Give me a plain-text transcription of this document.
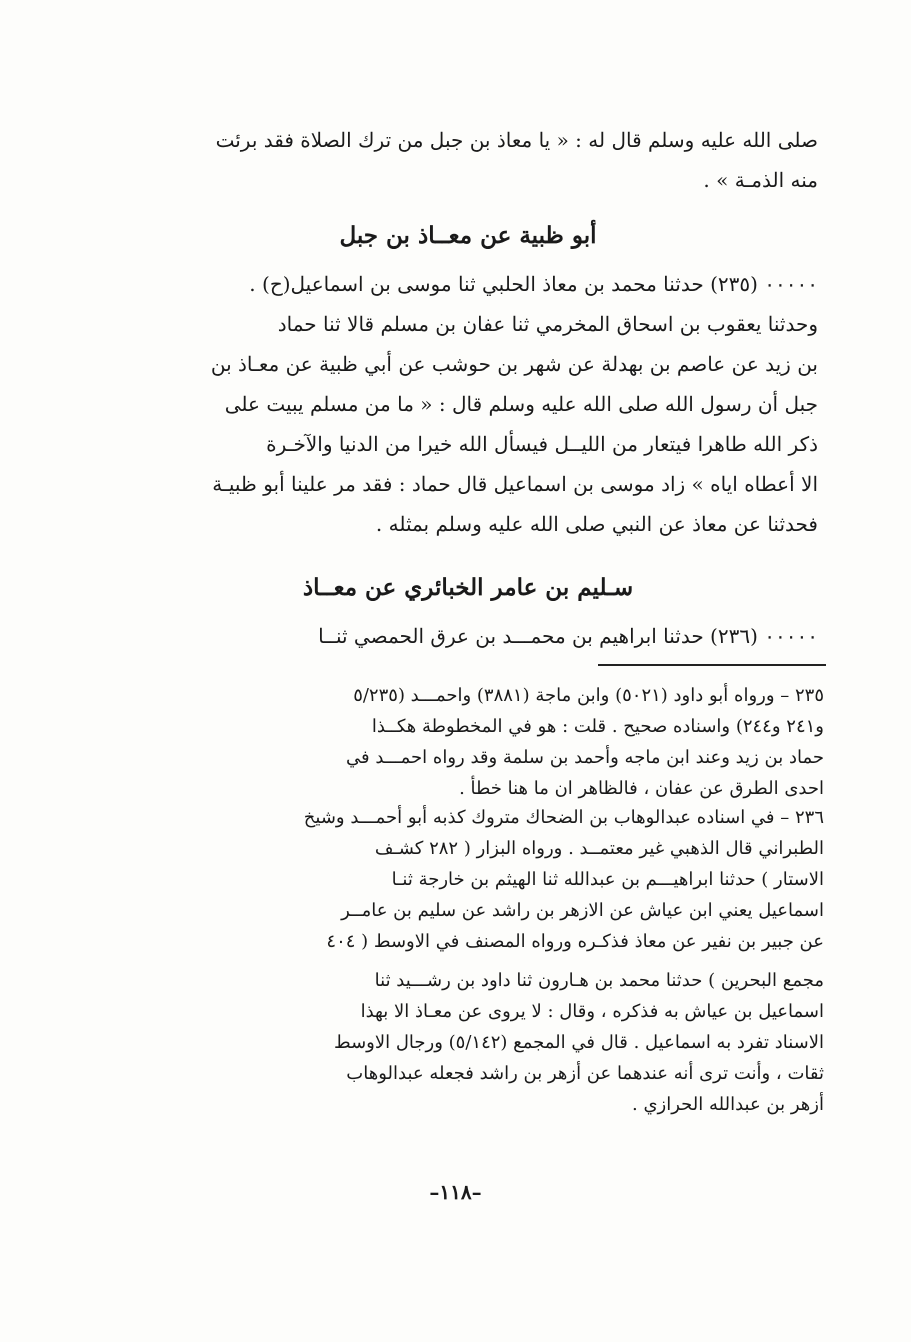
صلى الله عليه وسلم قال له : « يا معاذ بن جبل من ترك الصلاة فقد برئت
منه الذمـة » .
أبو ظبية عن معــاذ بن جبل
٠٠٠٠٠ (٢٣٥) حدثنا محمد بن معاذ الحلبي ثنا موسى بن اسماعيل(ح) .
وحدثنا يعقوب بن اسحاق المخرمي ثنا عفان بن مسلم قالا ثنا حماد
بن زيد عن عاصم بن بهدلة عن شهر بن حوشب عن أبي ظبية عن معـاذ بن
جبل أن رسول الله صلى الله عليه وسلم قال : « ما من مسلم يبيت على
ذكر الله طاهرا فيتعار من الليــل فيسأل الله خيرا من الدنيا والآخـرة
الا أعطاه اياه » زاد موسى بن اسماعيل قال حماد : فقد مر علينا أبو ظبيـة
فحدثنا عن معاذ عن النبي صلى الله عليه وسلم بمثله .
سـليم بن عامر الخبائري عن معــاذ
٠٠٠٠٠ (٢٣٦) حدثنا ابراهيم بن محمـــد بن عرق الحمصي ثنــا
٢٣٥ – ورواه أبو داود (٥٠٢١) وابن ماجة (٣٨٨١) واحمـــد (٥/٢٣٥
و٢٤١ و٢٤٤) واسناده صحيح . قلت : هو في المخطوطة هكــذا
حماد بن زيد وعند ابن ماجه وأحمد بن سلمة وقد رواه احمـــد في
احدى الطرق عن عفان ، فالظاهر ان ما هنا خطأ .
٢٣٦ – في اسناده عبدالوهاب بن الضحاك متروك كذبه أبو أحمـــد وشيخ
الطبراني قال الذهبي غير معتمــد . ورواه البزار ( ٢٨٢ كشـف
الاستار ) حدثنا ابراهيـــم بن عبدالله ثنا الهيثم بن خارجة ثنـا
اسماعيل يعني ابن عياش عن الازهر بن راشد عن سليم بن عامــر
عن جبير بن نفير عن معاذ فذكـره ورواه المصنف في الاوسط ( ٤٠٤
مجمع البحرين ) حدثنا محمد بن هـارون ثنا داود بن رشـــيد ثنا
اسماعيل بن عياش به فذكره ، وقال : لا يروى عن معـاذ الا بهذا
الاسناد تفرد به اسماعيل . قال في المجمع (٥/١٤٢) ورجال الاوسط
ثقات ، وأنت ترى أنه عندهما عن أزهر بن راشد فجعله عبدالوهاب
أزهر بن عبدالله الحرازي .
–١١٨–
